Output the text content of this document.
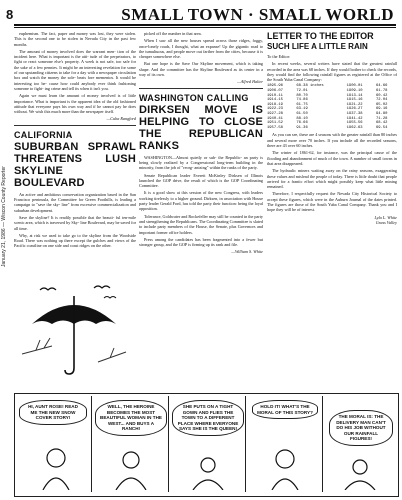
8	SMALL TOWN · SMALL WORLD
January 21, 1986 — Wiscon County Reporter

euphemism. The fact, paper and money was lost, they were stolen. This is the second one to be stolen in Nevada City in the past few months.

The amount of money involved does the warrant men- tion of the incident here. What is important is the atti- tude of the perpetrators, to fight or react someone else's property. A week is not safe, too safe for the sake of a few pennies. It might be an interesting revelation for some of our upstanding citizens to take for a day with a newspaper circulation box and watch the money the sole- beats fore mementos. It would be interesting too be- cause how could anybody ever think fashioning someone to fight- ing crime and tell its when it isn't you.

Again we must learn the amount of money involved is of little importance. What is important is the apparent idea of the old fashioned attitude that everyone pays his own way and if he cannot pay he does without. We wish this much more than the newspaper itself.

—Cuba Rangford
CALIFORNIA
SUBURBAN SPRAWL THREATENS LUSH SKYLINE BOULEVARD

An active and ambitious conservation organization based in the San Francisco peninsula, the Committee for Green Foothills, is leading a campaign to "save the sky- line" from excessive commercialization and suburban development.

Save the skyline? It is readily possible that the beauti- ful ten-mile scenic area, which is traversed by Sky- line Boulevard, may be saved for all time.

Why, at risk we used to take go to the skyline from the Woodside Road. There was nothing up there except the gulches and views of the Pacific coastline on one side and coast ridges on the other.

picked off the number in that area.

When I saw all the new houses spread across those ridges, foggy, once-lonely roads, I thought, what an expanse! Up the gigantic road to the tumultuous, and people move out farther from the cities, because it is cheaper somewhere else.

But one hope is the Save Our Skyline movement, which is taking shape. And the committee has the Skyline Boulevard as its center in a way of its own.

—Alfred Halter
WASHINGTON CALLING
DIRKSEN MOVE IS HELPING TO CLOSE THE REPUBLICAN RANKS

WASHINGTON—Almost quietly or sub- the Republic- an party is being slowly realized by a Congressional long-term building in the minority, from the job of "reorg- anizing" within the ranks of the party.

Senate Republican leader Everett McKinley Dirksen of Illinois launched the GOP drive, the result of which is the GOP Coordinating Committee.

It is a good show at this session of the new Congress, with leaders working tirelessly to a higher ground. Dirksen, in association with House party leader Gerald Ford, has told the party their function: being the loyal opposition.

Tolerance, Goldwater and Rockefeller may still be counted in the party and strengthening the Republicans. The Coordinating Committee is slated to include party members of the House, the Senate, plus Governors and important former office holders.

Press among the candidates has been fragmented into a fewer but stronger group, and the GOP is firming up its rank and file.

—William S. White
LETTER TO THE EDITOR
SUCH LIFE A LITTLE RAIN

To the Editor:

In recent weeks, several writers have stated that the greatest rainfall recorded in the area was 68 inches. If they would bother to check the records, they would find the following rainfall figures as registered at the Office of the South Yuba Canal Company:

1895-96	68.38 inches	1900-01	64.66
1906-07	72.01	1909-10	61.78
1910-11	80.70	1913-14	60.42
1914-15	74.86	1915-16	72.04
1918-19	61.75	1921-22	65.02
1922-23	63.19	1926-27	69.16
1927-28	61.50	1937-38	94.80
1940-41	88.10	1941-42	71.28
1951-52	76.66	1955-56	68.42
1957-58	91.36	1962-63	69.54

As you can see, these are 4 seasons with the greater rainfall than 80 inches and several more over 70 inches. If you include all the recorded seasons, there are 43 over 60 inches.

The winter of 1861-62, for instance, was the principal cause of the flooding and abandonment of much of the town. A number of small towns in that area disappeared.

The hydraulic miners waiting away on the rainy seasons, exaggerating these values and mislead the people of today. There is little doubt that people arrived for a frantic effort which might possibly keep what little mining remained.

Therefore, I respectfully request the Nevada City Historical Society to accept these figures, which were in the Auburn Journal of the dates printed. The figures are those of the South Yuba Canal Company. Thank you and I hope they will be of interest.

Lyla L. White
Grass Valley
HI, AUNT ROSE! READ ME THE NEW SNOW COVER STORY!
WELL, THE HEROINE BECOMES THE MOST BEAUTIFUL WOMAN IN THE WEST... AND BUYS A RANCH!
SHE PUTS ON A TIGHT GOWN AND FLIES THE TOWN TO A DIFFERENT PLACE WHERE EVERYONE SAYS SHE IS THE QUEEN!
HOLD IT! WHAT'S THE MORAL OF THIS STORY?
THE MORAL IS: THE DELIVERY MAN CAN'T DO HIS JOB WITHOUT OUR RAINFALL FIGURES!
